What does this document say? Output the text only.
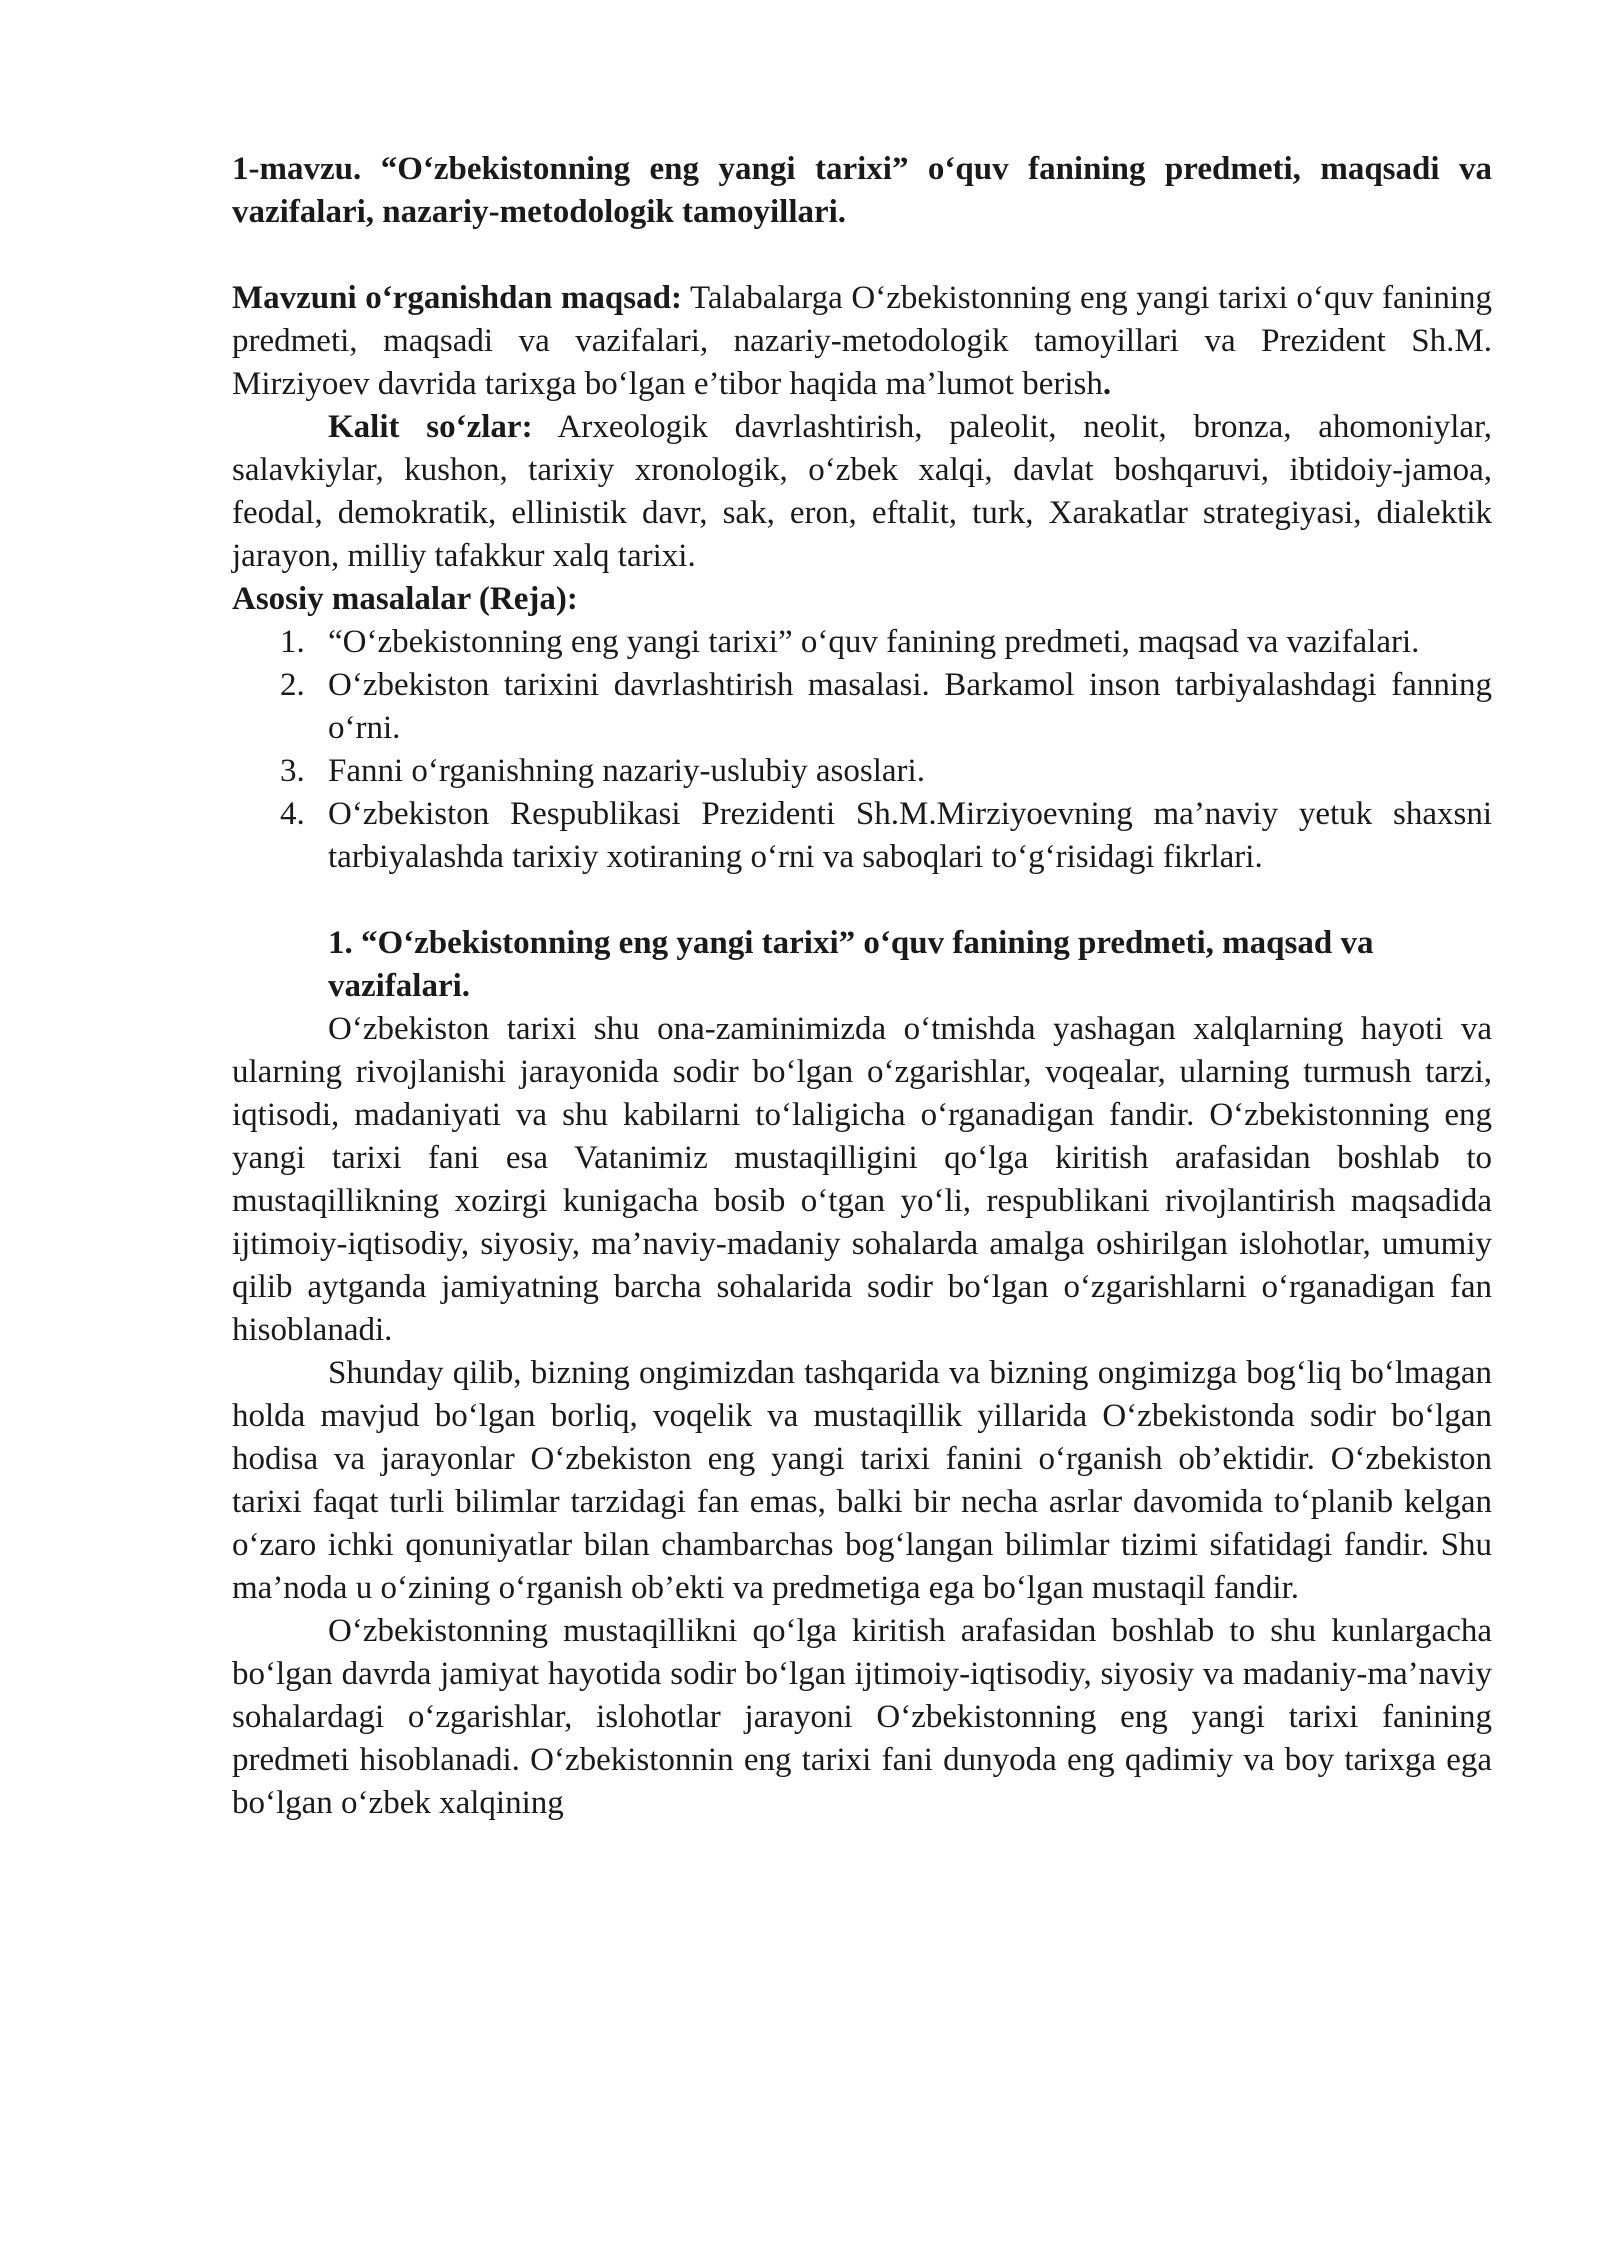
1-mavzu. “O‘zbekistonning eng yangi tarixi” o‘quv fanining predmeti, maqsadi va vazifalari, nazariy-metodologik tamoyillari.

Mavzuni o‘rganishdan maqsad: Talabalarga O‘zbekistonning eng yangi tarixi o‘quv fanining predmeti, maqsadi va vazifalari, nazariy-metodologik tamoyillari va Prezident Sh.M. Mirziyoev davrida tarixga bo‘lgan e’tibor haqida ma’lumot berish.

Kalit so‘zlar: Arxeologik davrlashtirish, paleolit, neolit, bronza, ahomoniylar, salavkiylar, kushon, tarixiy xronologik, o‘zbek xalqi, davlat boshqaruvi, ibtidoiy-jamoa, feodal, demokratik, ellinistik davr, sak, eron, eftalit, turk, Xarakatlar strategiyasi, dialektik jarayon, milliy tafakkur xalq tarixi.

Asosiy masalalar (Reja):

1. “O‘zbekistonning eng yangi tarixi” o‘quv fanining predmeti, maqsad va vazifalari.
2. O‘zbekiston tarixini davrlashtirish masalasi. Barkamol inson tarbiyalashdagi fanning o‘rni.
3. Fanni o‘rganishning nazariy-uslubiy asoslari.
4. O‘zbekiston Respublikasi Prezidenti Sh.M.Mirziyoevning ma’naviy yetuk shaxsni tarbiyalashda tarixiy xotiraning o‘rni va saboqlari to‘g‘risidagi fikrlari.

1. “O‘zbekistonning eng yangi tarixi” o‘quv fanining predmeti, maqsad va vazifalari.

O‘zbekiston tarixi shu ona-zaminimizda o‘tmishda yashagan xalqlarning hayoti va ularning rivojlanishi jarayonida sodir bo‘lgan o‘zgarishlar, voqealar, ularning turmush tarzi, iqtisodi, madaniyati va shu kabilarni to‘laligicha o‘rganadigan fandir. O‘zbekistonning eng yangi tarixi fani esa Vatanimiz mustaqilligini qo‘lga kiritish arafasidan boshlab to mustaqillikning xozirgi kunigacha bosib o‘tgan yo‘li, respublikani rivojlantirish maqsadida ijtimoiy-iqtisodiy, siyosiy, ma’naviy-madaniy sohalarda amalga oshirilgan islohotlar, umumiy qilib aytganda jamiyatning barcha sohalarida sodir bo‘lgan o‘zgarishlarni o‘rganadigan fan hisoblanadi.

Shunday qilib, bizning ongimizdan tashqarida va bizning ongimizga bog‘liq bo‘lmagan holda mavjud bo‘lgan borliq, voqelik va mustaqillik yillarida O‘zbekistonda sodir bo‘lgan hodisa va jarayonlar O‘zbekiston eng yangi tarixi fanini o‘rganish ob’ektidir. O‘zbekiston tarixi faqat turli bilimlar tarzidagi fan emas, balki bir necha asrlar davomida to‘planib kelgan o‘zaro ichki qonuniyatlar bilan chambarchas bog‘langan bilimlar tizimi sifatidagi fandir. Shu ma’noda u o‘zining o‘rganish ob’ekti va predmetiga ega bo‘lgan mustaqil fandir.

O‘zbekistonning mustaqillikni qo‘lga kiritish arafasidan boshlab to shu kunlargacha bo‘lgan davrda jamiyat hayotida sodir bo‘lgan ijtimoiy-iqtisodiy, siyosiy va madaniy-ma’naviy sohalardagi o‘zgarishlar, islohotlar jarayoni O‘zbekistonning eng yangi tarixi fanining predmeti hisoblanadi. O‘zbekistonnin eng tarixi fani dunyoda eng qadimiy va boy tarixga ega bo‘lgan o‘zbek xalqining
